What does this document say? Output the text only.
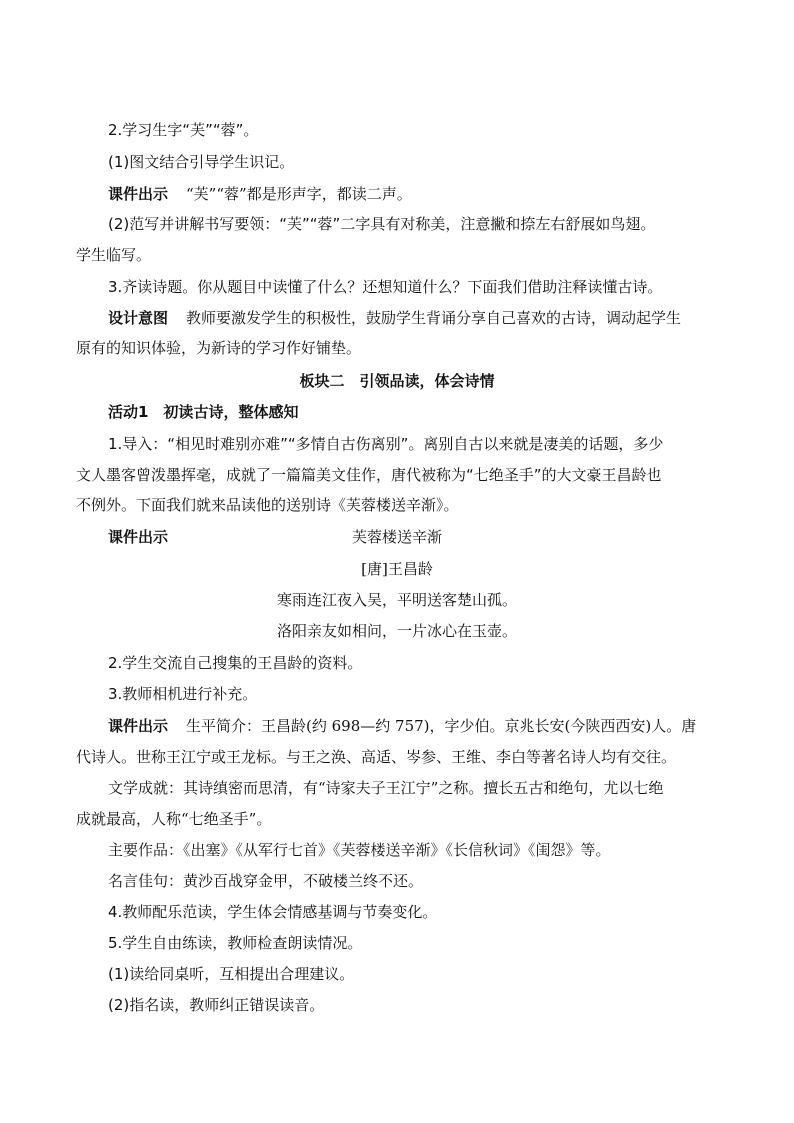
2.学习生字“芙”“蓉”。
(1)图文结合引导学生识记。
课件出示 “芙”“蓉”都是形声字，都读二声。
(2)范写并讲解书写要领：“芙”“蓉”二字具有对称美，注意撇和捺左右舒展如鸟翅。
学生临写。
3.齐读诗题。你从题目中读懂了什么？还想知道什么？下面我们借助注释读懂古诗。
设计意图 教师要激发学生的积极性，鼓励学生背诵分享自己喜欢的古诗，调动起学生
原有的知识体验，为新诗的学习作好铺垫。
板块二　引领品读，体会诗情
活动1　初读古诗，整体感知
1.导入：“相见时难别亦难”“多情自古伤离别”。离别自古以来就是凄美的话题，多少
文人墨客曾泼墨挥毫，成就了一篇篇美文佳作，唐代被称为“七绝圣手”的大文豪王昌龄也
不例外。下面我们就来品读他的送别诗《芙蓉楼送辛渐》。
课件出示	芙蓉楼送辛渐
[唐]王昌龄
寒雨连江夜入吴，平明送客楚山孤。
洛阳亲友如相问，一片冰心在玉壶。
2.学生交流自己搜集的王昌龄的资料。
3.教师相机进行补充。
课件出示 生平简介：王昌龄(约 698—约 757)，字少伯。京兆长安(今陕西西安)人。唐
代诗人。世称王江宁或王龙标。与王之涣、高适、岑参、王维、李白等著名诗人均有交往。
文学成就：其诗缜密而思清，有“诗家夫子王江宁”之称。擅长五古和绝句，尤以七绝
成就最高，人称“七绝圣手”。
主要作品：《出塞》《从军行七首》《芙蓉楼送辛渐》《长信秋词》《闺怨》等。
名言佳句：黄沙百战穿金甲，不破楼兰终不还。
4.教师配乐范读，学生体会情感基调与节奏变化。
5.学生自由练读，教师检查朗读情况。
(1)读给同桌听，互相提出合理建议。
(2)指名读，教师纠正错误读音。
